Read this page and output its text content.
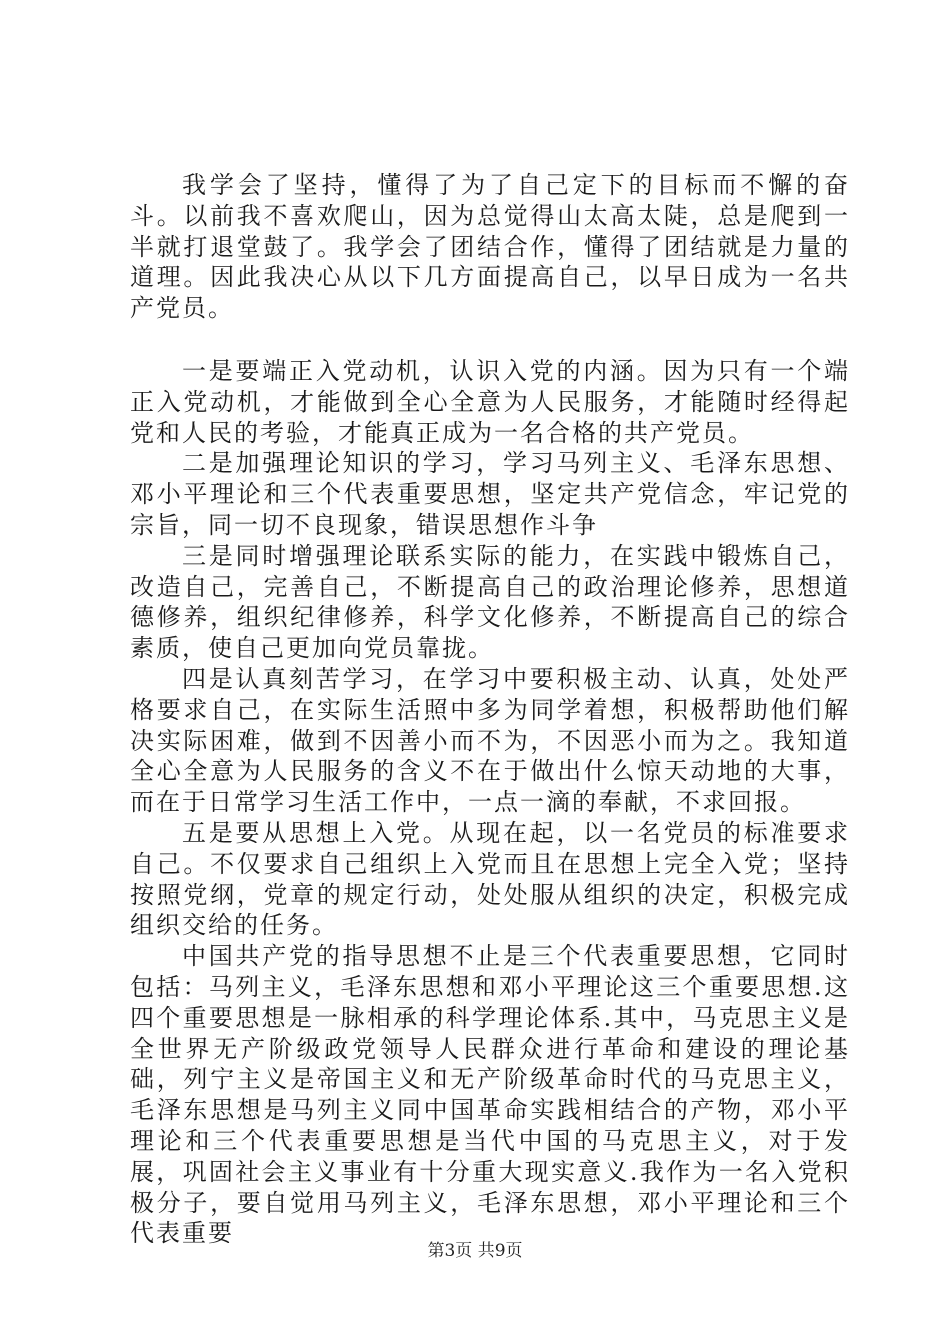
我学会了坚持，懂得了为了自己定下的目标而不懈的奋斗。以前我不喜欢爬山，因为总觉得山太高太陡，总是爬到一半就打退堂鼓了。我学会了团结合作，懂得了团结就是力量的道理。因此我决心从以下几方面提高自己，以早日成为一名共产党员。

一是要端正入党动机，认识入党的内涵。因为只有一个端正入党动机，才能做到全心全意为人民服务，才能随时经得起党和人民的考验，才能真正成为一名合格的共产党员。

二是加强理论知识的学习，学习马列主义、毛泽东思想、邓小平理论和三个代表重要思想，坚定共产党信念，牢记党的宗旨，同一切不良现象，错误思想作斗争

三是同时增强理论联系实际的能力，在实践中锻炼自己，改造自己，完善自己，不断提高自己的政治理论修养，思想道德修养，组织纪律修养，科学文化修养，不断提高自己的综合素质，使自己更加向党员靠拢。

四是认真刻苦学习，在学习中要积极主动、认真，处处严格要求自己，在实际生活照中多为同学着想，积极帮助他们解决实际困难，做到不因善小而不为，不因恶小而为之。我知道全心全意为人民服务的含义不在于做出什么惊天动地的大事，而在于日常学习生活工作中，一点一滴的奉献，不求回报。

五是要从思想上入党。从现在起，以一名党员的标准要求自己。不仅要求自己组织上入党而且在思想上完全入党；坚持按照党纲，党章的规定行动，处处服从组织的决定，积极完成组织交给的任务。

中国共产党的指导思想不止是三个代表重要思想，它同时包括：马列主义，毛泽东思想和邓小平理论这三个重要思想.这四个重要思想是一脉相承的科学理论体系.其中，马克思主义是全世界无产阶级政党领导人民群众进行革命和建设的理论基础，列宁主义是帝国主义和无产阶级革命时代的马克思主义，毛泽东思想是马列主义同中国革命实践相结合的产物，邓小平理论和三个代表重要思想是当代中国的马克思主义，对于发展，巩固社会主义事业有十分重大现实意义.我作为一名入党积极分子，要自觉用马列主义，毛泽东思想，邓小平理论和三个代表重要

第3页 共9页
